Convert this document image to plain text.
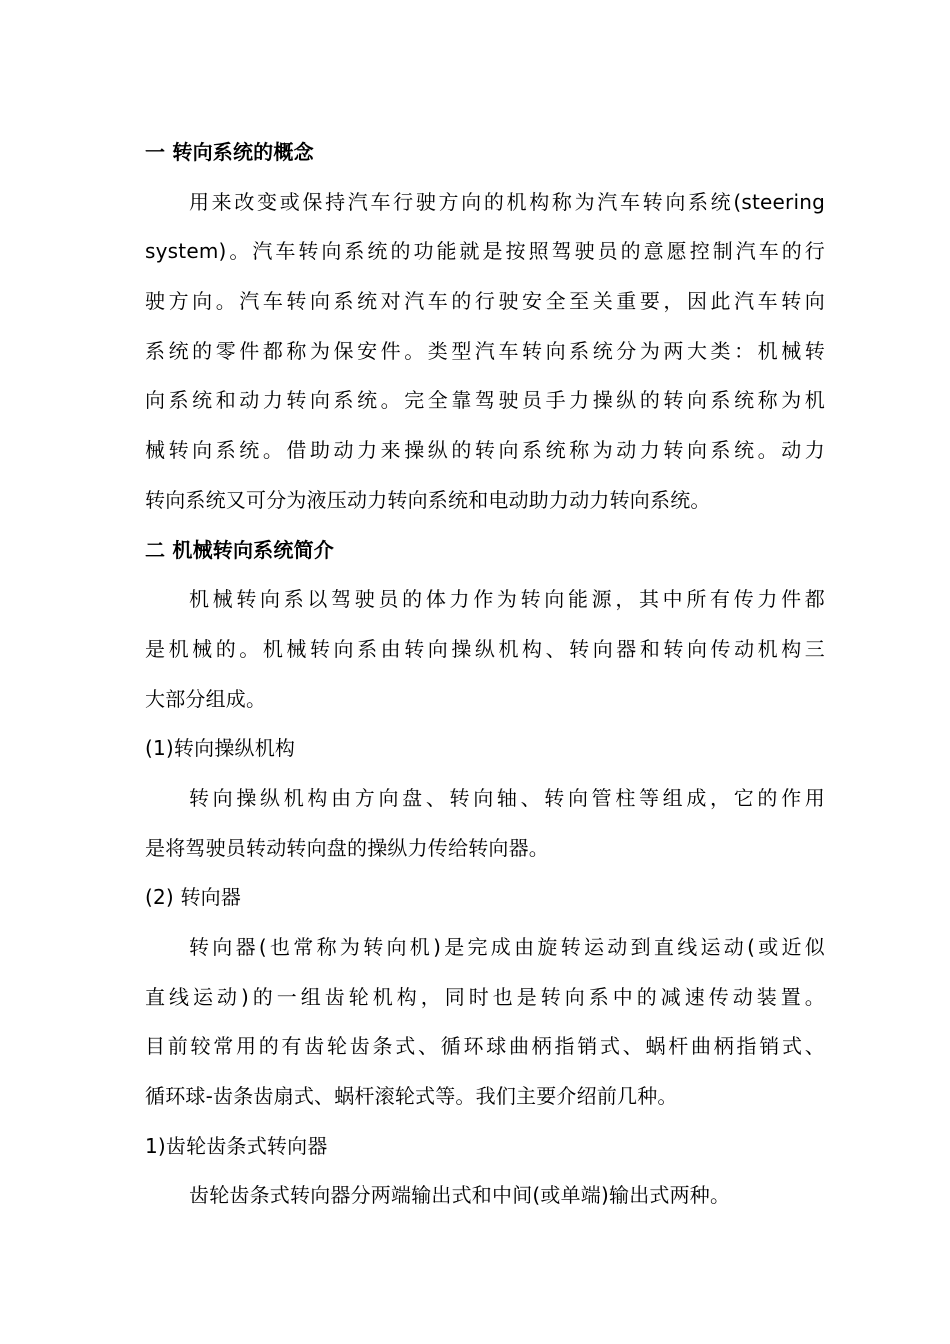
一 转向系统的概念
用来改变或保持汽车行驶方向的机构称为汽车转向系统(steering
system)。汽车转向系统的功能就是按照驾驶员的意愿控制汽车的行
驶方向。汽车转向系统对汽车的行驶安全至关重要，因此汽车转向
系统的零件都称为保安件。类型汽车转向系统分为两大类：机械转
向系统和动力转向系统。完全靠驾驶员手力操纵的转向系统称为机
械转向系统。借助动力来操纵的转向系统称为动力转向系统。动力
转向系统又可分为液压动力转向系统和电动助力动力转向系统。
二 机械转向系统简介
机械转向系以驾驶员的体力作为转向能源，其中所有传力件都
是机械的。机械转向系由转向操纵机构、转向器和转向传动机构三
大部分组成。
(1)转向操纵机构
转向操纵机构由方向盘、转向轴、转向管柱等组成，它的作用
是将驾驶员转动转向盘的操纵力传给转向器。
(2) 转向器
转向器(也常称为转向机)是完成由旋转运动到直线运动(或近似
直线运动)的一组齿轮机构，同时也是转向系中的减速传动装置。
目前较常用的有齿轮齿条式、循环球曲柄指销式、蜗杆曲柄指销式、
循环球-齿条齿扇式、蜗杆滚轮式等。我们主要介绍前几种。
1)齿轮齿条式转向器
齿轮齿条式转向器分两端输出式和中间(或单端)输出式两种。
